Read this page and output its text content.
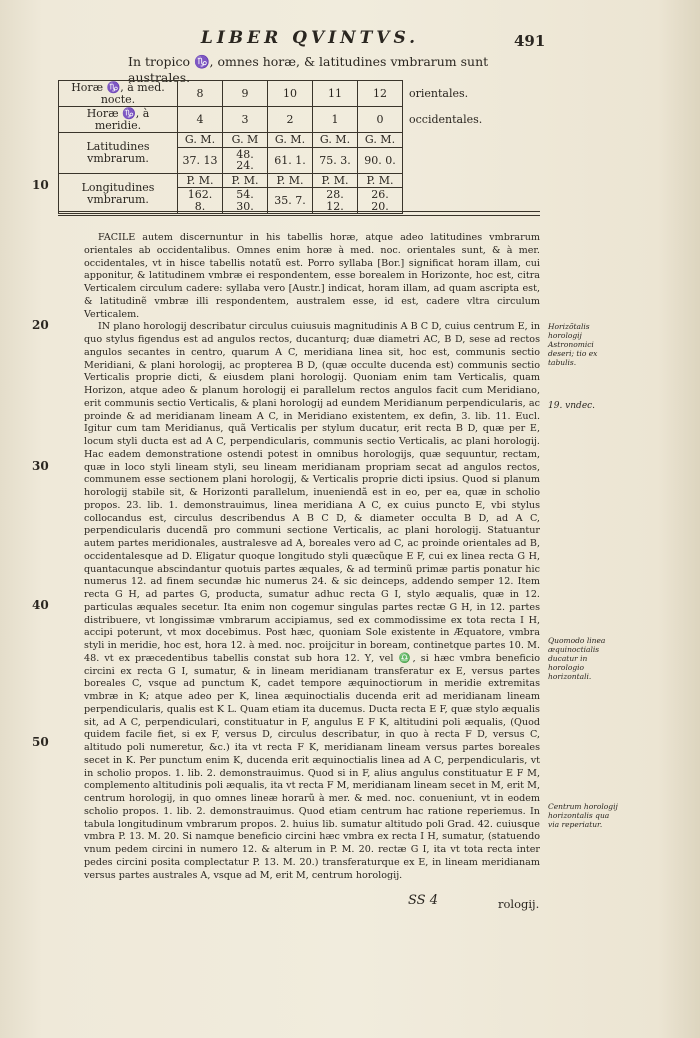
LIBER QVINTVS.	491
In tropico ♑, omnes horæ, & latitudines vmbrarum sunt australes.
Horæ ♑, à med. nocte.	8	9	10	11	12	orientales.
Horæ ♑, à meridie.	4	3	2	1	0	occidentales.
Latitudines vmbrarum.	G. M.	G. M	G. M.	G. M.	G. M.	
	37. 13	48. 24.	61. 1.	75. 3.	90. 0.	
Longitudines vmbrarum.	P. M.	P. M.	P. M.	P. M.	P. M.	
	162. 8.	54. 30.	35. 7.	28. 12.	26. 20.	
10
20
30
40
50
Horizõtalis horologij Astronomici deseri; tio ex tabulis.
19. vndec.
Quomodo linea æquinoctialis ducatur in horologio horizontali.
Centrum horologij horizontalis qua via reperiatur.

FACILE autem discernuntur in his tabellis horæ, atque adeo latitudines vmbrarum orientales ab occidentalibus. Omnes enim horæ à med. noc. orientales sunt, & à mer. occidentales, vt in hisce tabellis notatũ est. Porro syllaba [Bor.] significat horam illam, cui apponitur, & latitudinem vmbræ ei respondentem, esse borealem in Horizonte, hoc est, citra Verticalem circulum cadere: syllaba vero [Austr.] indicat, horam illam, ad quam ascripta est, & latitudinẽ vmbræ illi respondentem, australem esse, id est, cadere vltra circulum Verticalem.

IN plano horologij describatur circulus cuiusuis magnitudinis A B C D, cuius centrum E, in quo stylus figendus est ad angulos rectos, ducanturq; duæ diametri AC, B D, sese ad rectos angulos secantes in centro, quarum A C, meridiana linea sit, hoc est, communis sectio Meridiani, & plani horologij, ac propterea B D, (quæ occulte ducenda est) communis sectio Verticalis proprie dicti, & eiusdem plani horologij. Quoniam enim tam Verticalis, quam Horizon, atque adeo & planum horologij ei parallelum rectos angulos facit cum Meridiano, erit communis sectio Verticalis, & plani horologij ad eundem Meridianum perpendicularis, ac proinde & ad meridianam lineam A C, in Meridiano existentem, ex defin, 3. lib. 11. Eucl. Igitur cum tam Meridianus, quã Verticalis per stylum ducatur, erit recta B D, quæ per E, locum styli ducta est ad A C, perpendicularis, communis sectio Verticalis, ac plani horologij. Hac eadem demonstratione ostendi potest in omnibus horologijs, quæ sequuntur, rectam, quæ in loco styli lineam styli, seu lineam meridianam propriam secat ad angulos rectos, communem esse sectionem plani horologij, & Verticalis proprie dicti ipsius. Quod si planum horologij stabile sit, & Horizonti parallelum, inueniendã est in eo, per ea, quæ in scholio propos. 23. lib. 1. demonstrauimus, linea meridiana A C, ex cuius puncto E, vbi stylus collocandus est, circulus describendus A B C D, & diameter occulta B D, ad A C, perpendicularis ducendã pro communi sectione Verticalis, ac plani horologij. Statuantur autem partes meridionales, australesve ad A, boreales vero ad C, ac proinde orientales ad B, occidentalesque ad D. Eligatur quoque longitudo styli quæcũque E F, cui ex linea recta G H, quantacunque abscindantur quotuis partes æquales, & ad terminũ primæ partis ponatur hic numerus 12. ad finem secundæ hic numerus 24. & sic deinceps, addendo semper 12. Item recta G H, ad partes G, producta, sumatur adhuc recta G I, stylo æqualis, quæ in 12. particulas æquales secetur. Ita enim non cogemur singulas partes rectæ G H, in 12. partes distribuere, vt longissimæ vmbrarum accipiamus, sed ex commodissime ex tota recta I H, accipi poterunt, vt mox docebimus. Post hæc, quoniam Sole existente in Æquatore, vmbra styli in meridie, hoc est, hora 12. à med. noc. proijcitur in boream, continetque partes 10. M. 48. vt ex præcedentibus tabellis constat sub hora 12. Υ, vel ♎, si hæc vmbra beneficio circini ex recta G I, sumatur, & in lineam meridianam transferatur ex E, versus partes boreales C, vsque ad punctum K, cadet tempore æquinoctiorum in meridie extremitas vmbræ in K; atque adeo per K, linea æquinoctialis ducenda erit ad meridianam lineam perpendicularis, qualis est K L. Quam etiam ita ducemus. Ducta recta E F, quæ stylo æqualis sit, ad A C, perpendiculari, constituatur in F, angulus E F K, altitudini poli æqualis, (Quod quidem facile fiet, si ex F, versus D, circulus describatur, in quo à recta F D, versus C, altitudo poli numeretur, &c.) ita vt recta F K, meridianam lineam versus partes boreales secet in K. Per punctum enim K, ducenda erit æquinoctialis linea ad A C, perpendicularis, vt in scholio propos. 1. lib. 2. demonstrauimus. Quod si in F, alius angulus constituatur E F M, complemento altitudinis poli æqualis, ita vt recta F M, meridianam lineam secet in M, erit M, centrum horologij, in quo omnes lineæ horarũ à mer. & med. noc. conueniunt, vt in eodem scholio propos. 1. lib. 2. demonstrauimus. Quod etiam centrum hac ratione reperiemus. In tabula longitudinum vmbrarum propos. 2. huius lib. sumatur altitudo poli Grad. 42. cuiusque vmbra P. 13. M. 20. Si namque beneficio circini hæc vmbra ex recta I H, sumatur, (statuendo vnum pedem circini in numero 12. & alterum in P. M. 20. rectæ G I, ita vt tota recta inter pedes circini posita complectatur P. 13. M. 20.) transferaturque ex E, in lineam meridianam versus partes australes A, vsque ad M, erit M, centrum horologij.

SS 4	rologij.
